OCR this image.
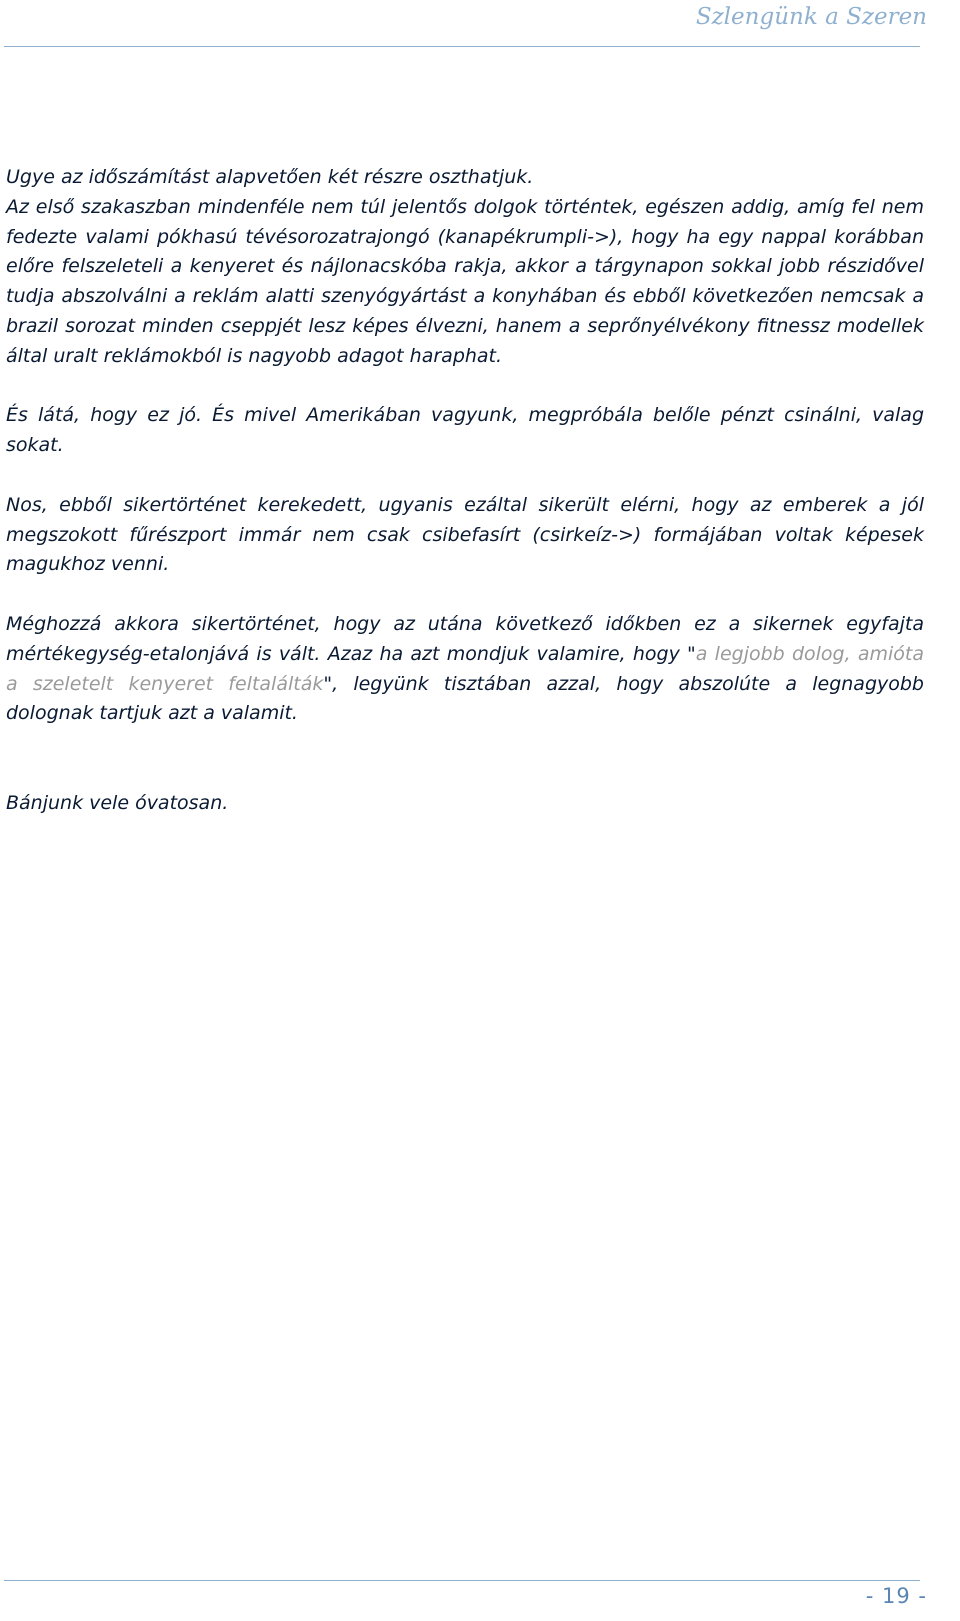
Szlengünk a Szeren

Ugye az időszámítást alapvetően két részre oszthatjuk.

Az első szakaszban mindenféle nem túl jelentős dolgok történtek, egészen addig, amíg fel nem fedezte valami pókhasú tévésorozatrajongó (kanapékrumpli->), hogy ha egy nappal korábban előre felszeleteli a kenyeret és nájlonacskóba rakja, akkor a tárgynapon sokkal jobb részidővel tudja abszolválni a reklám alatti szenyógyártást a konyhában és ebből következően nemcsak a brazil sorozat minden cseppjét lesz képes élvezni, hanem a seprőnyélvékony fitnessz modellek által uralt reklámokból is nagyobb adagot haraphat.

És látá, hogy ez jó. És mivel Amerikában vagyunk, megpróbála belőle pénzt csinálni, valag sokat.

Nos, ebből sikertörténet kerekedett, ugyanis ezáltal sikerült elérni, hogy az emberek a jól megszokott fűrészport immár nem csak csibefasírt (csirkeíz->) formájában voltak képesek magukhoz venni.

Méghozzá akkora sikertörténet, hogy az utána következő időkben ez a sikernek egyfajta mértékegység-etalonjává is vált. Azaz ha azt mondjuk valamire, hogy "a legjobb dolog, amióta a szeletelt kenyeret feltalálták", legyünk tisztában azzal, hogy abszolúte a legnagyobb dolognak tartjuk azt a valamit.

Bánjunk vele óvatosan.

- 19 -
